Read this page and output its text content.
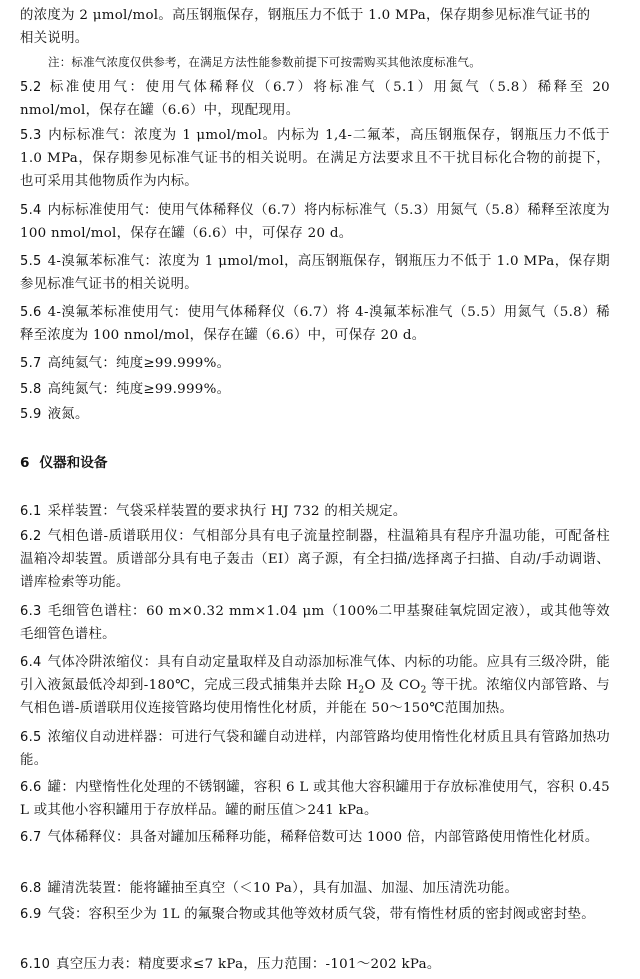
的浓度为 2 μmol/mol。高压钢瓶保存，钢瓶压力不低于 1.0 MPa，保存期参见标准气证书的
相关说明。
注：标准气浓度仅供参考，在满足方法性能参数前提下可按需购买其他浓度标准气。
5.2 标准使用气：使用气体稀释仪（6.7）将标准气（5.1）用氮气（5.8）稀释至 20 nmol/mol，保存在罐（6.6）中，现配现用。
5.3 内标标准气：浓度为 1 μmol/mol。内标为 1,4-二氟苯，高压钢瓶保存，钢瓶压力不低于 1.0 MPa，保存期参见标准气证书的相关说明。在满足方法要求且不干扰目标化合物的前提下，也可采用其他物质作为内标。
5.4 内标标准使用气：使用气体稀释仪（6.7）将内标标准气（5.3）用氮气（5.8）稀释至浓度为 100 nmol/mol，保存在罐（6.6）中，可保存 20 d。
5.5 4-溴氟苯标准气：浓度为 1 μmol/mol，高压钢瓶保存，钢瓶压力不低于 1.0 MPa，保存期参见标准气证书的相关说明。
5.6 4-溴氟苯标准使用气：使用气体稀释仪（6.7）将 4-溴氟苯标准气（5.5）用氮气（5.8）稀释至浓度为 100 nmol/mol，保存在罐（6.6）中，可保存 20 d。
5.7 高纯氦气：纯度≥99.999%。
5.8 高纯氮气：纯度≥99.999%。
5.9 液氮。
6 仪器和设备
6.1 采样装置：气袋采样装置的要求执行 HJ 732 的相关规定。
6.2 气相色谱-质谱联用仪：气相部分具有电子流量控制器，柱温箱具有程序升温功能，可配备柱温箱冷却装置。质谱部分具有电子轰击（EI）离子源，有全扫描/选择离子扫描、自动/手动调谐、谱库检索等功能。
6.3 毛细管色谱柱：60 m×0.32 mm×1.04 μm（100%二甲基聚硅氧烷固定液），或其他等效毛细管色谱柱。
6.4 气体冷阱浓缩仪：具有自动定量取样及自动添加标准气体、内标的功能。应具有三级冷阱，能引入液氮最低冷却到-180℃，完成三段式捕集并去除 $H_2O$ 及 $CO_2$ 等干扰。浓缩仪内部管路、与气相色谱-质谱联用仪连接管路均使用惰性化材质，并能在 50～150℃范围加热。
6.5 浓缩仪自动进样器：可进行气袋和罐自动进样，内部管路均使用惰性化材质且具有管路加热功能。
6.6 罐：内壁惰性化处理的不锈钢罐，容积 6 L 或其他大容积罐用于存放标准使用气，容积 0.45 L 或其他小容积罐用于存放样品。罐的耐压值＞241 kPa。
6.7 气体稀释仪：具备对罐加压稀释功能，稀释倍数可达 1000 倍，内部管路使用惰性化材质。
6.8 罐清洗装置：能将罐抽至真空（＜10 Pa），具有加温、加湿、加压清洗功能。
6.9 气袋：容积至少为 1L 的氟聚合物或其他等效材质气袋，带有惰性材质的密封阀或密封垫。
6.10 真空压力表：精度要求≤7 kPa，压力范围：-101～202 kPa。
